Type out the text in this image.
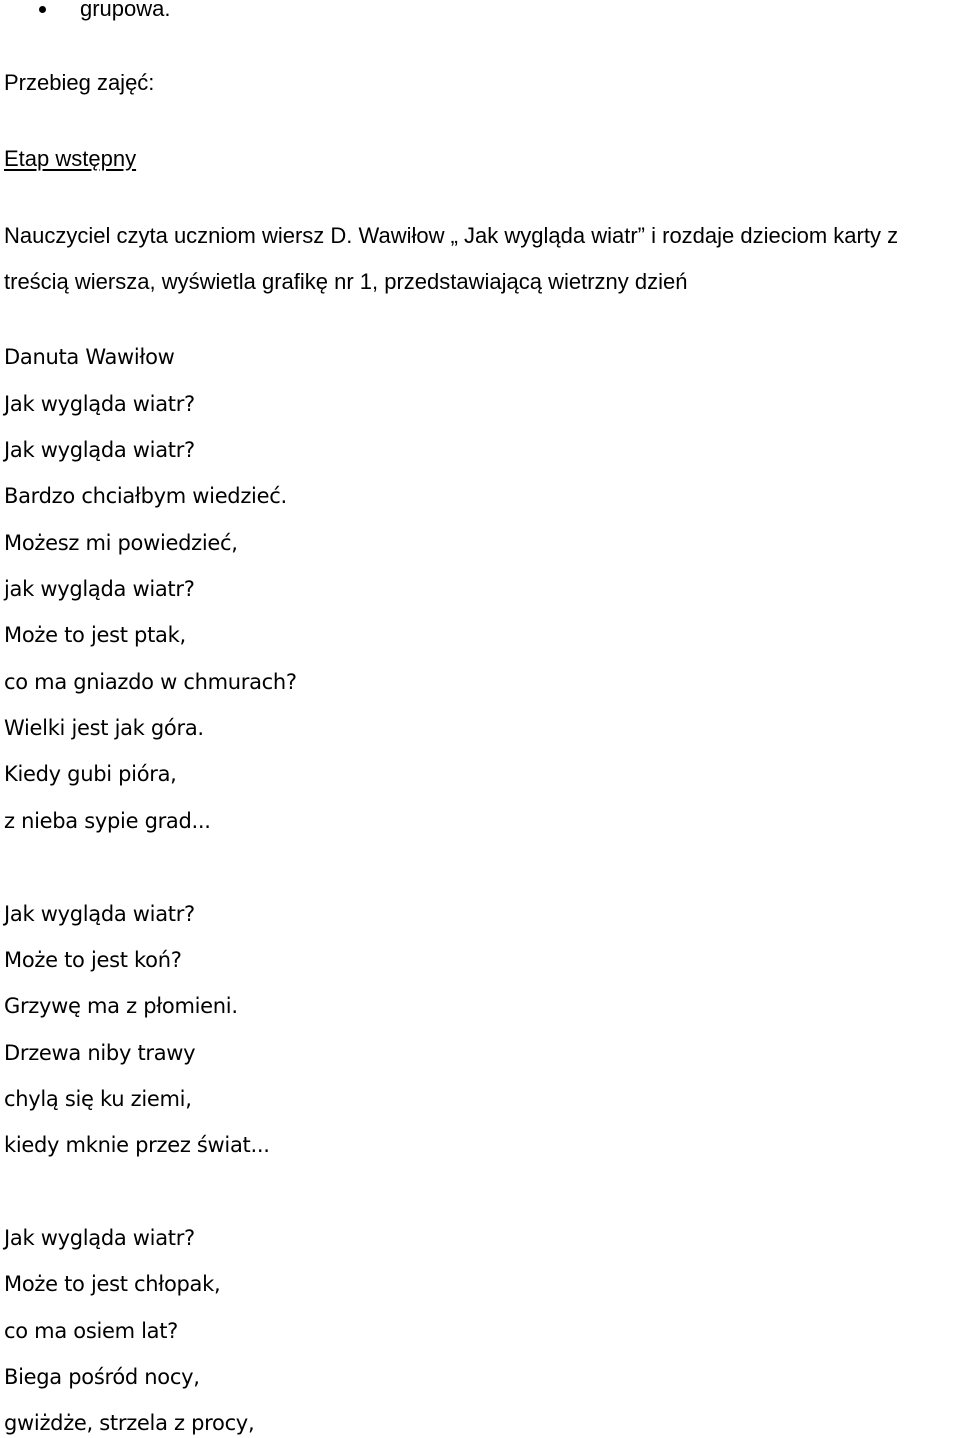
grupowa.
Przebieg zajęć:
Etap wstępny
Nauczyciel czyta uczniom wiersz D. Wawiłow „ Jak wygląda wiatr” i rozdaje dzieciom karty z
treścią wiersza, wyświetla grafikę nr 1, przedstawiającą wietrzny dzień
Danuta Wawiłow
Jak wygląda wiatr?
Jak wygląda wiatr?
Bardzo chciałbym wiedzieć.
Możesz mi powiedzieć,
jak wygląda wiatr?
Może to jest ptak,
co ma gniazdo w chmurach?
Wielki jest jak góra.
Kiedy gubi pióra,
z nieba sypie grad...
Jak wygląda wiatr?
Może to jest koń?
Grzywę ma z płomieni.
Drzewa niby trawy
chylą się ku ziemi,
kiedy mknie przez świat...
Jak wygląda wiatr?
Może to jest chłopak,
co ma osiem lat?
Biega pośród nocy,
gwiżdże, strzela z procy,
